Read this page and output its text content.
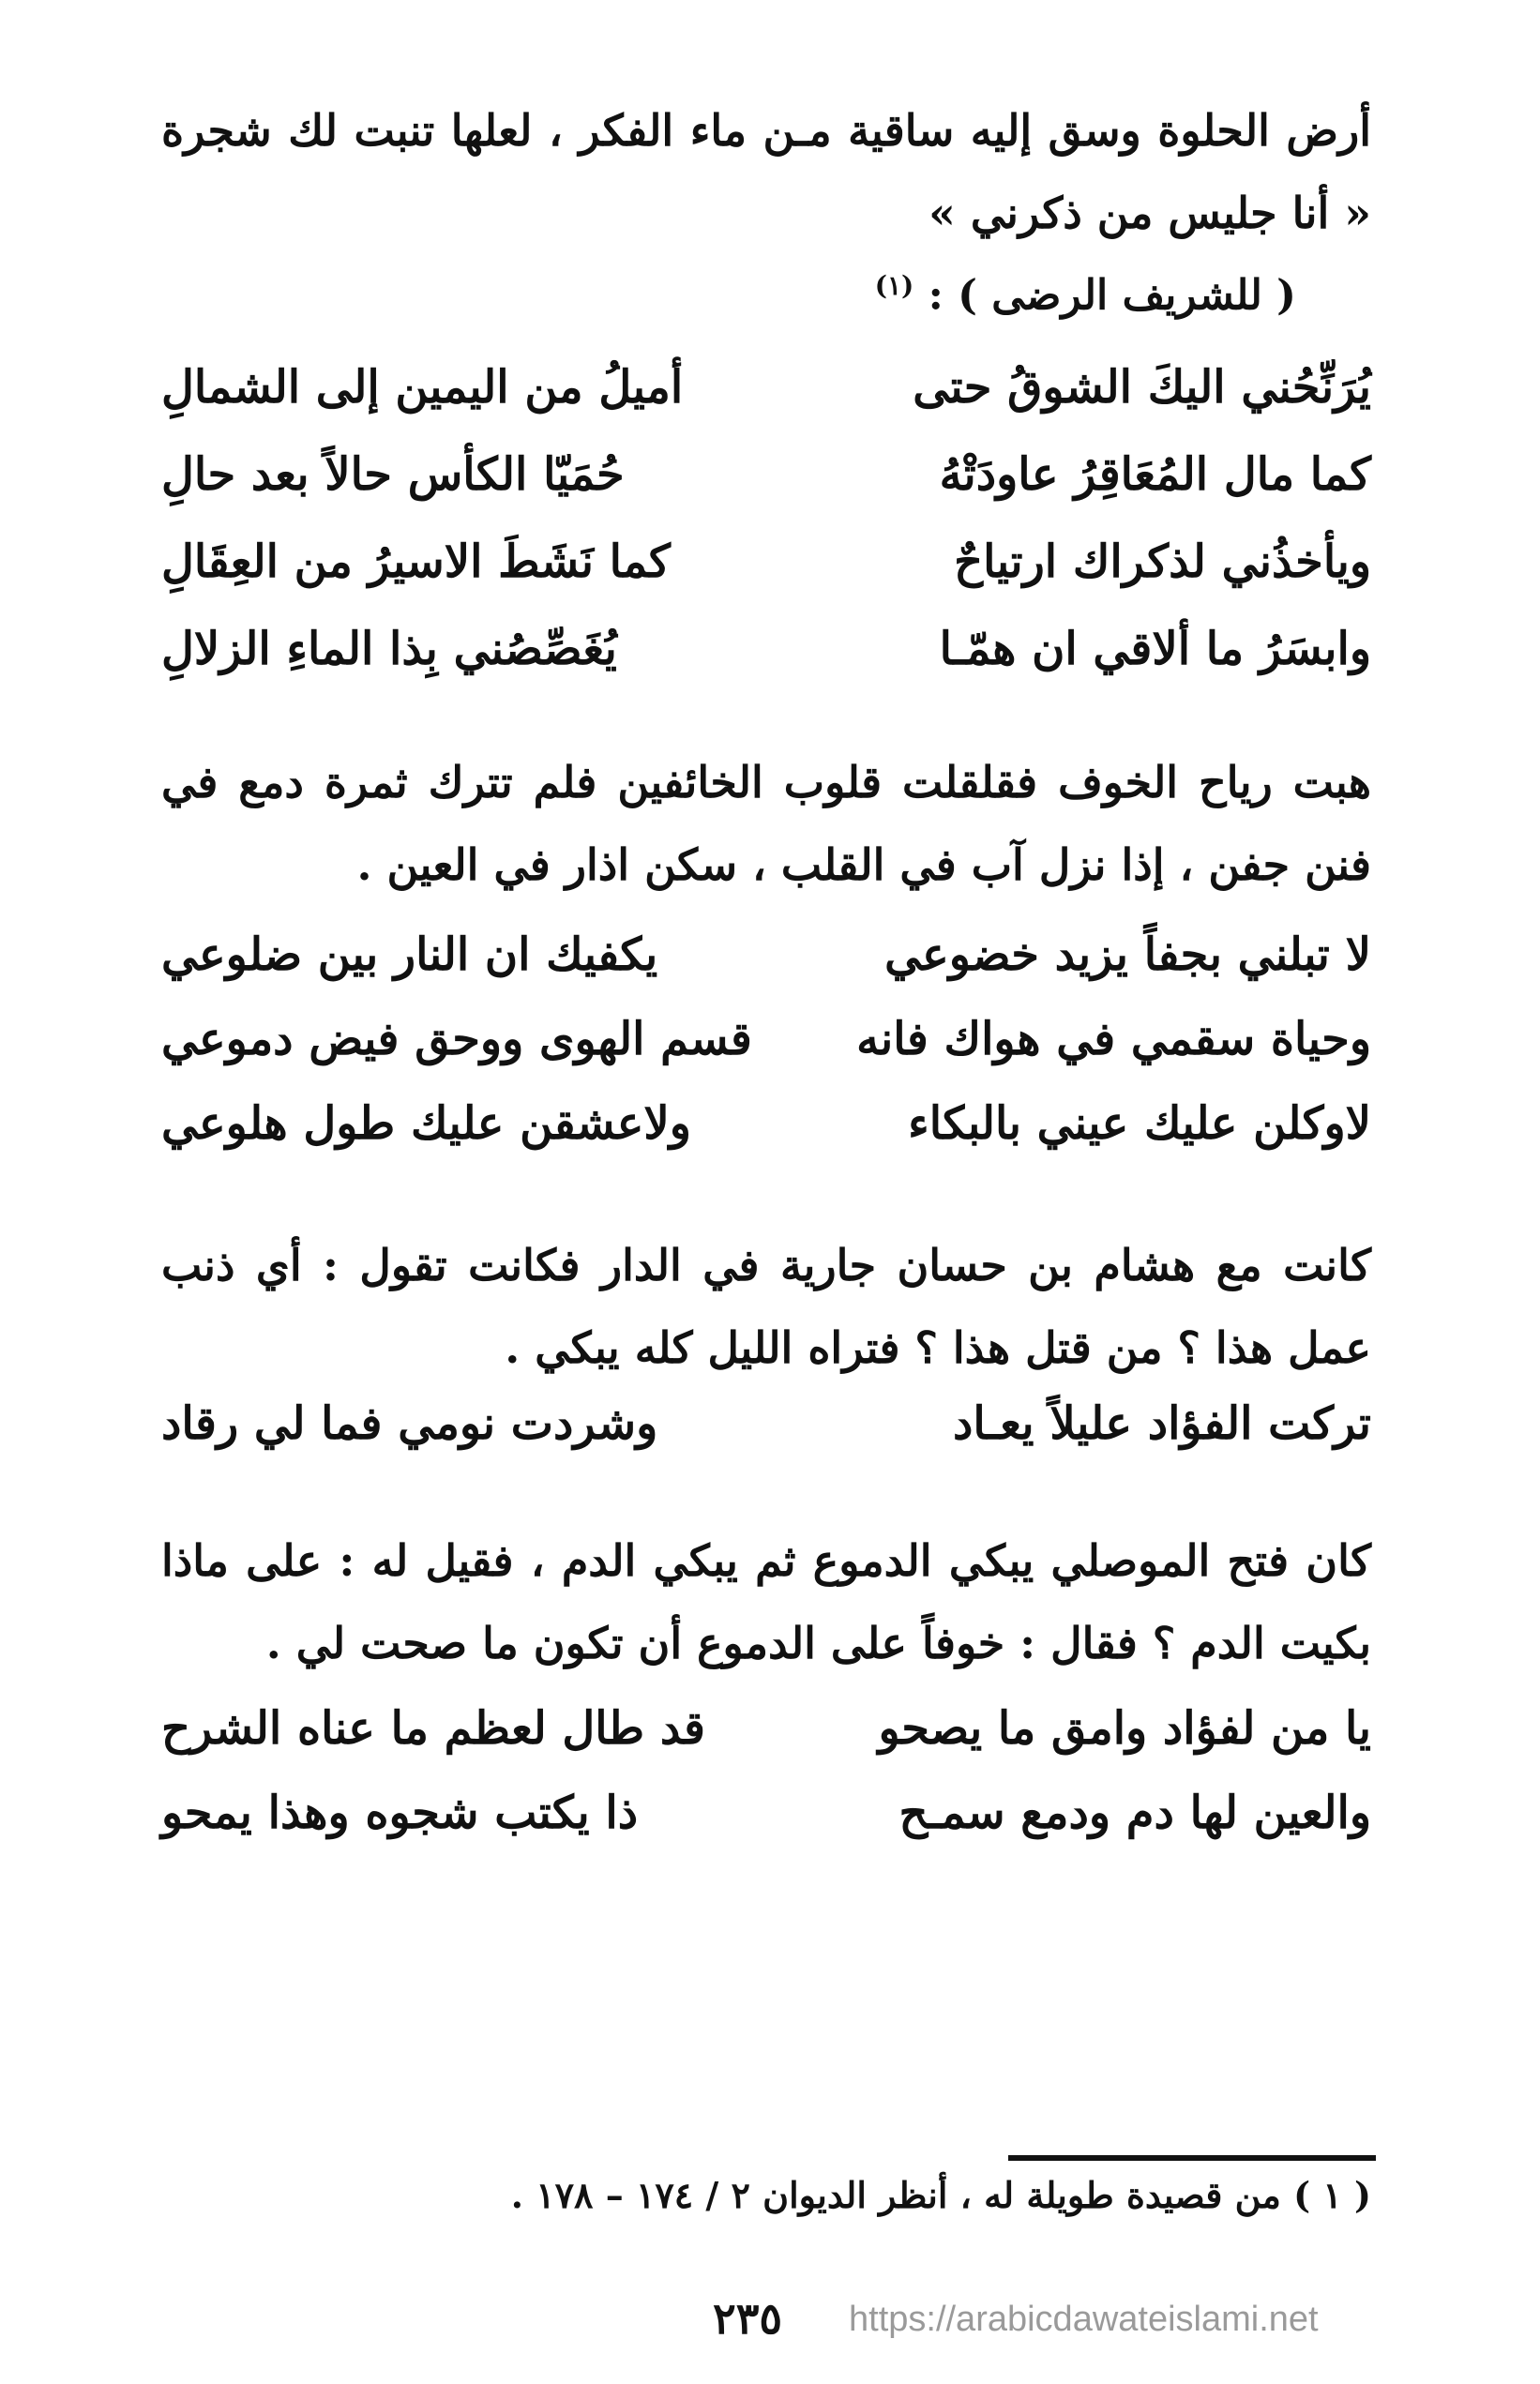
أرض الحلوة وسق إليه ساقية مـن ماء الفكر ، لعلها تنبت لك شجرة « أنا جليس من ذكرني »
( للشريف الرضى ) : $^{(١)}$
يُرَنِّحُني اليكَ الشوقُ حتى
أميلُ من اليمين إلى الشمالِ
كما مال المُعَاقِرُ عاودَتْهُ
حُمَيّا الكأس حالاً بعد حالِ
ويأخذُني لذكراك ارتياحٌ
كما نَشَطَ الاسيرُ من العِقَالِ
وابسَرُ ما ألاقي ان همّـا
يُغَصِّصُني بِذا الماءِ الزلالِ
هبت رياح الخوف فقلقلت قلوب الخائفين فلم تترك ثمرة دمع في فنن جفن ، إذا نزل آب في القلب ، سكن اذار في العين .
لا تبلني بجفاً يزيد خضوعي
يكفيك ان النار بين ضلوعي
وحياة سقمي في هواك فانه
قسم الهوى ووحق فيض دموعي
لاوكلن عليك عيني بالبكاء
ولاعشقن عليك طول هلوعي
كانت مع هشام بن حسان جارية في الدار فكانت تقول : أي ذنب عمل هذا ؟ من قتل هذا ؟ فتراه الليل كله يبكي .
تركت الفؤاد عليلاً يعـاد
وشردت نومي فما لي رقاد
كان فتح الموصلي يبكي الدموع ثم يبكي الدم ، فقيل له : على ماذا بكيت الدم ؟ فقال : خوفاً على الدموع أن تكون ما صحت لي .
يا من لفؤاد وامق ما يصحو
قد طال لعظم ما عناه الشرح
والعين لها دم ودمع سمـح
ذا يكتب شجوه وهذا يمحو
( ١ ) من قصيدة طويلة له ، أنظر الديوان ٢ / ١٧٤ – ١٧٨ .
٢٣٥ https://arabicdawateislami.net
